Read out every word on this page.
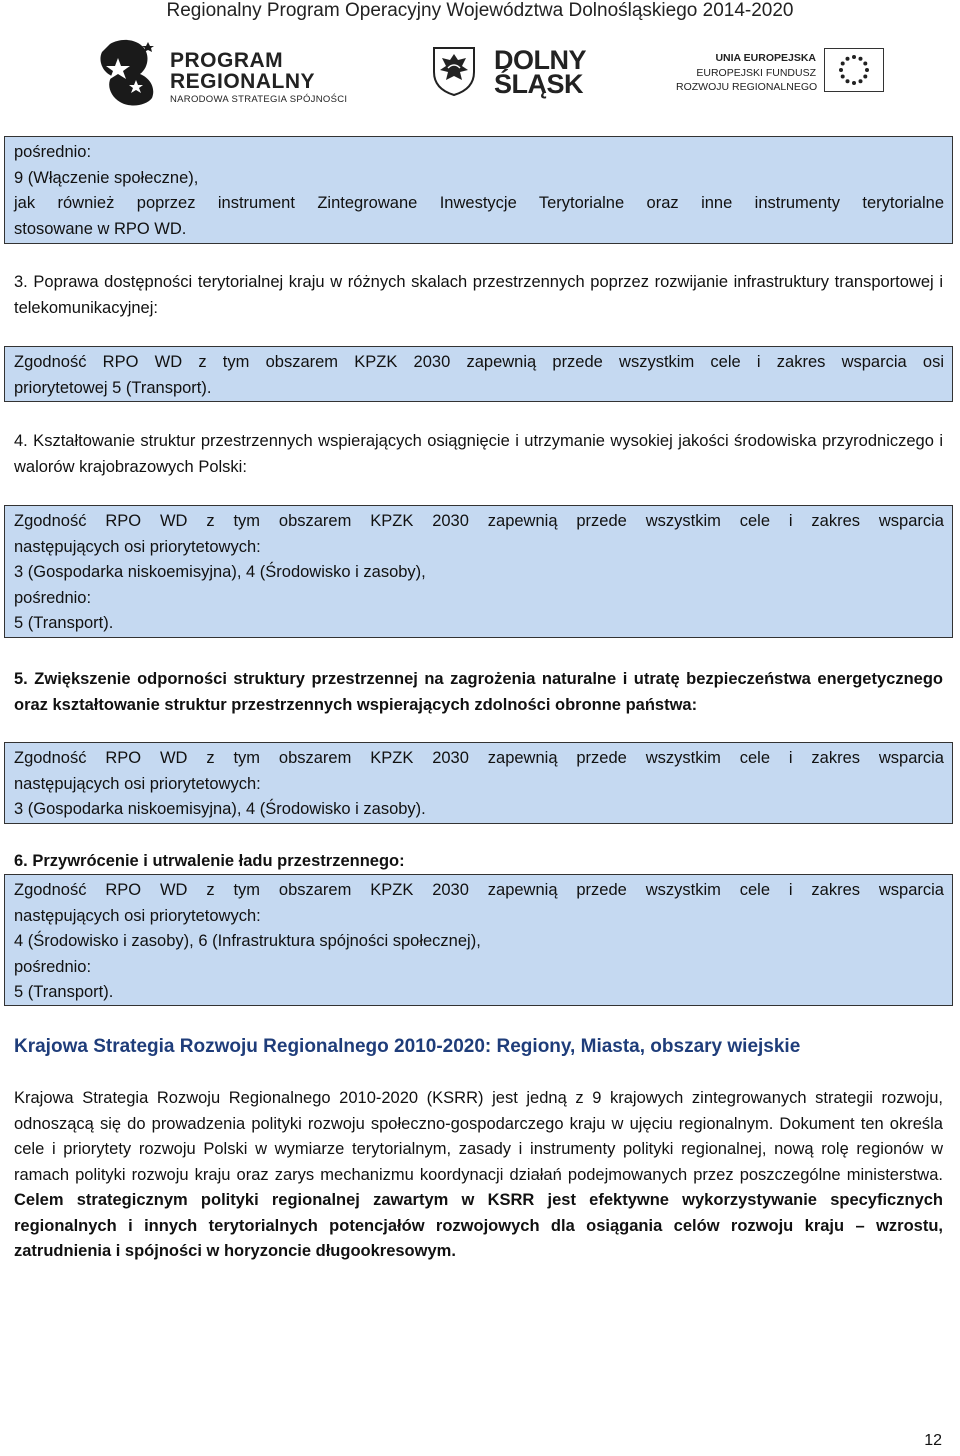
Regionalny Program Operacyjny Województwa Dolnośląskiego 2014-2020
PROGRAM
REGIONALNY
NARODOWA STRATEGIA SPÓJNOŚCI
DOLNY
ŚLĄSK
UNIA EUROPEJSKA
EUROPEJSKI FUNDUSZ
ROZWOJU REGIONALNEGO

pośrednio:

9 (Włączenie społeczne),

jak również poprzez instrument Zintegrowane Inwestycje Terytorialne oraz inne instrumenty terytorialne

stosowane w RPO WD.

3. Poprawa dostępności terytorialnej kraju w różnych skalach przestrzennych poprzez rozwijanie infrastruktury transportowej i telekomunikacyjnej:

Zgodność RPO WD z tym obszarem KPZK 2030 zapewnią przede wszystkim cele i zakres wsparcia osi

priorytetowej 5 (Transport).

4. Kształtowanie struktur przestrzennych wspierających osiągnięcie i utrzymanie wysokiej jakości środowiska przyrodniczego i walorów krajobrazowych Polski:

Zgodność RPO WD z tym obszarem KPZK 2030 zapewnią przede wszystkim cele i zakres wsparcia

następujących osi priorytetowych:

3 (Gospodarka niskoemisyjna), 4 (Środowisko i zasoby),

pośrednio:

5 (Transport).

5. Zwiększenie odporności struktury przestrzennej na zagrożenia naturalne i utratę bezpieczeństwa energetycznego oraz kształtowanie struktur przestrzennych wspierających zdolności obronne państwa:

Zgodność RPO WD z tym obszarem KPZK 2030 zapewnią przede wszystkim cele i zakres wsparcia

następujących osi priorytetowych:

3 (Gospodarka niskoemisyjna), 4 (Środowisko i zasoby).

6. Przywrócenie i utrwalenie ładu przestrzennego:

Zgodność RPO WD z tym obszarem KPZK 2030 zapewnią przede wszystkim cele i zakres wsparcia

następujących osi priorytetowych:

4 (Środowisko i zasoby), 6 (Infrastruktura spójności społecznej),

pośrednio:

5 (Transport).

Krajowa Strategia Rozwoju Regionalnego 2010-2020: Regiony, Miasta, obszary wiejskie
Krajowa Strategia Rozwoju Regionalnego 2010-2020 (KSRR) jest jedną z 9 krajowych zintegrowanych strategii rozwoju, odnoszącą się do prowadzenia polityki rozwoju społeczno-gospodarczego kraju w ujęciu regionalnym. Dokument ten określa cele i priorytety rozwoju Polski w wymiarze terytorialnym, zasady i instrumenty polityki regionalnej, nową rolę regionów w ramach polityki rozwoju kraju oraz zarys mechanizmu koordynacji działań podejmowanych przez poszczególne ministerstwa. Celem strategicznym polityki regionalnej zawartym w KSRR jest efektywne wykorzystywanie specyficznych regionalnych i innych terytorialnych potencjałów rozwojowych dla osiągania celów rozwoju kraju – wzrostu, zatrudnienia i spójności w horyzoncie długookresowym.
12
